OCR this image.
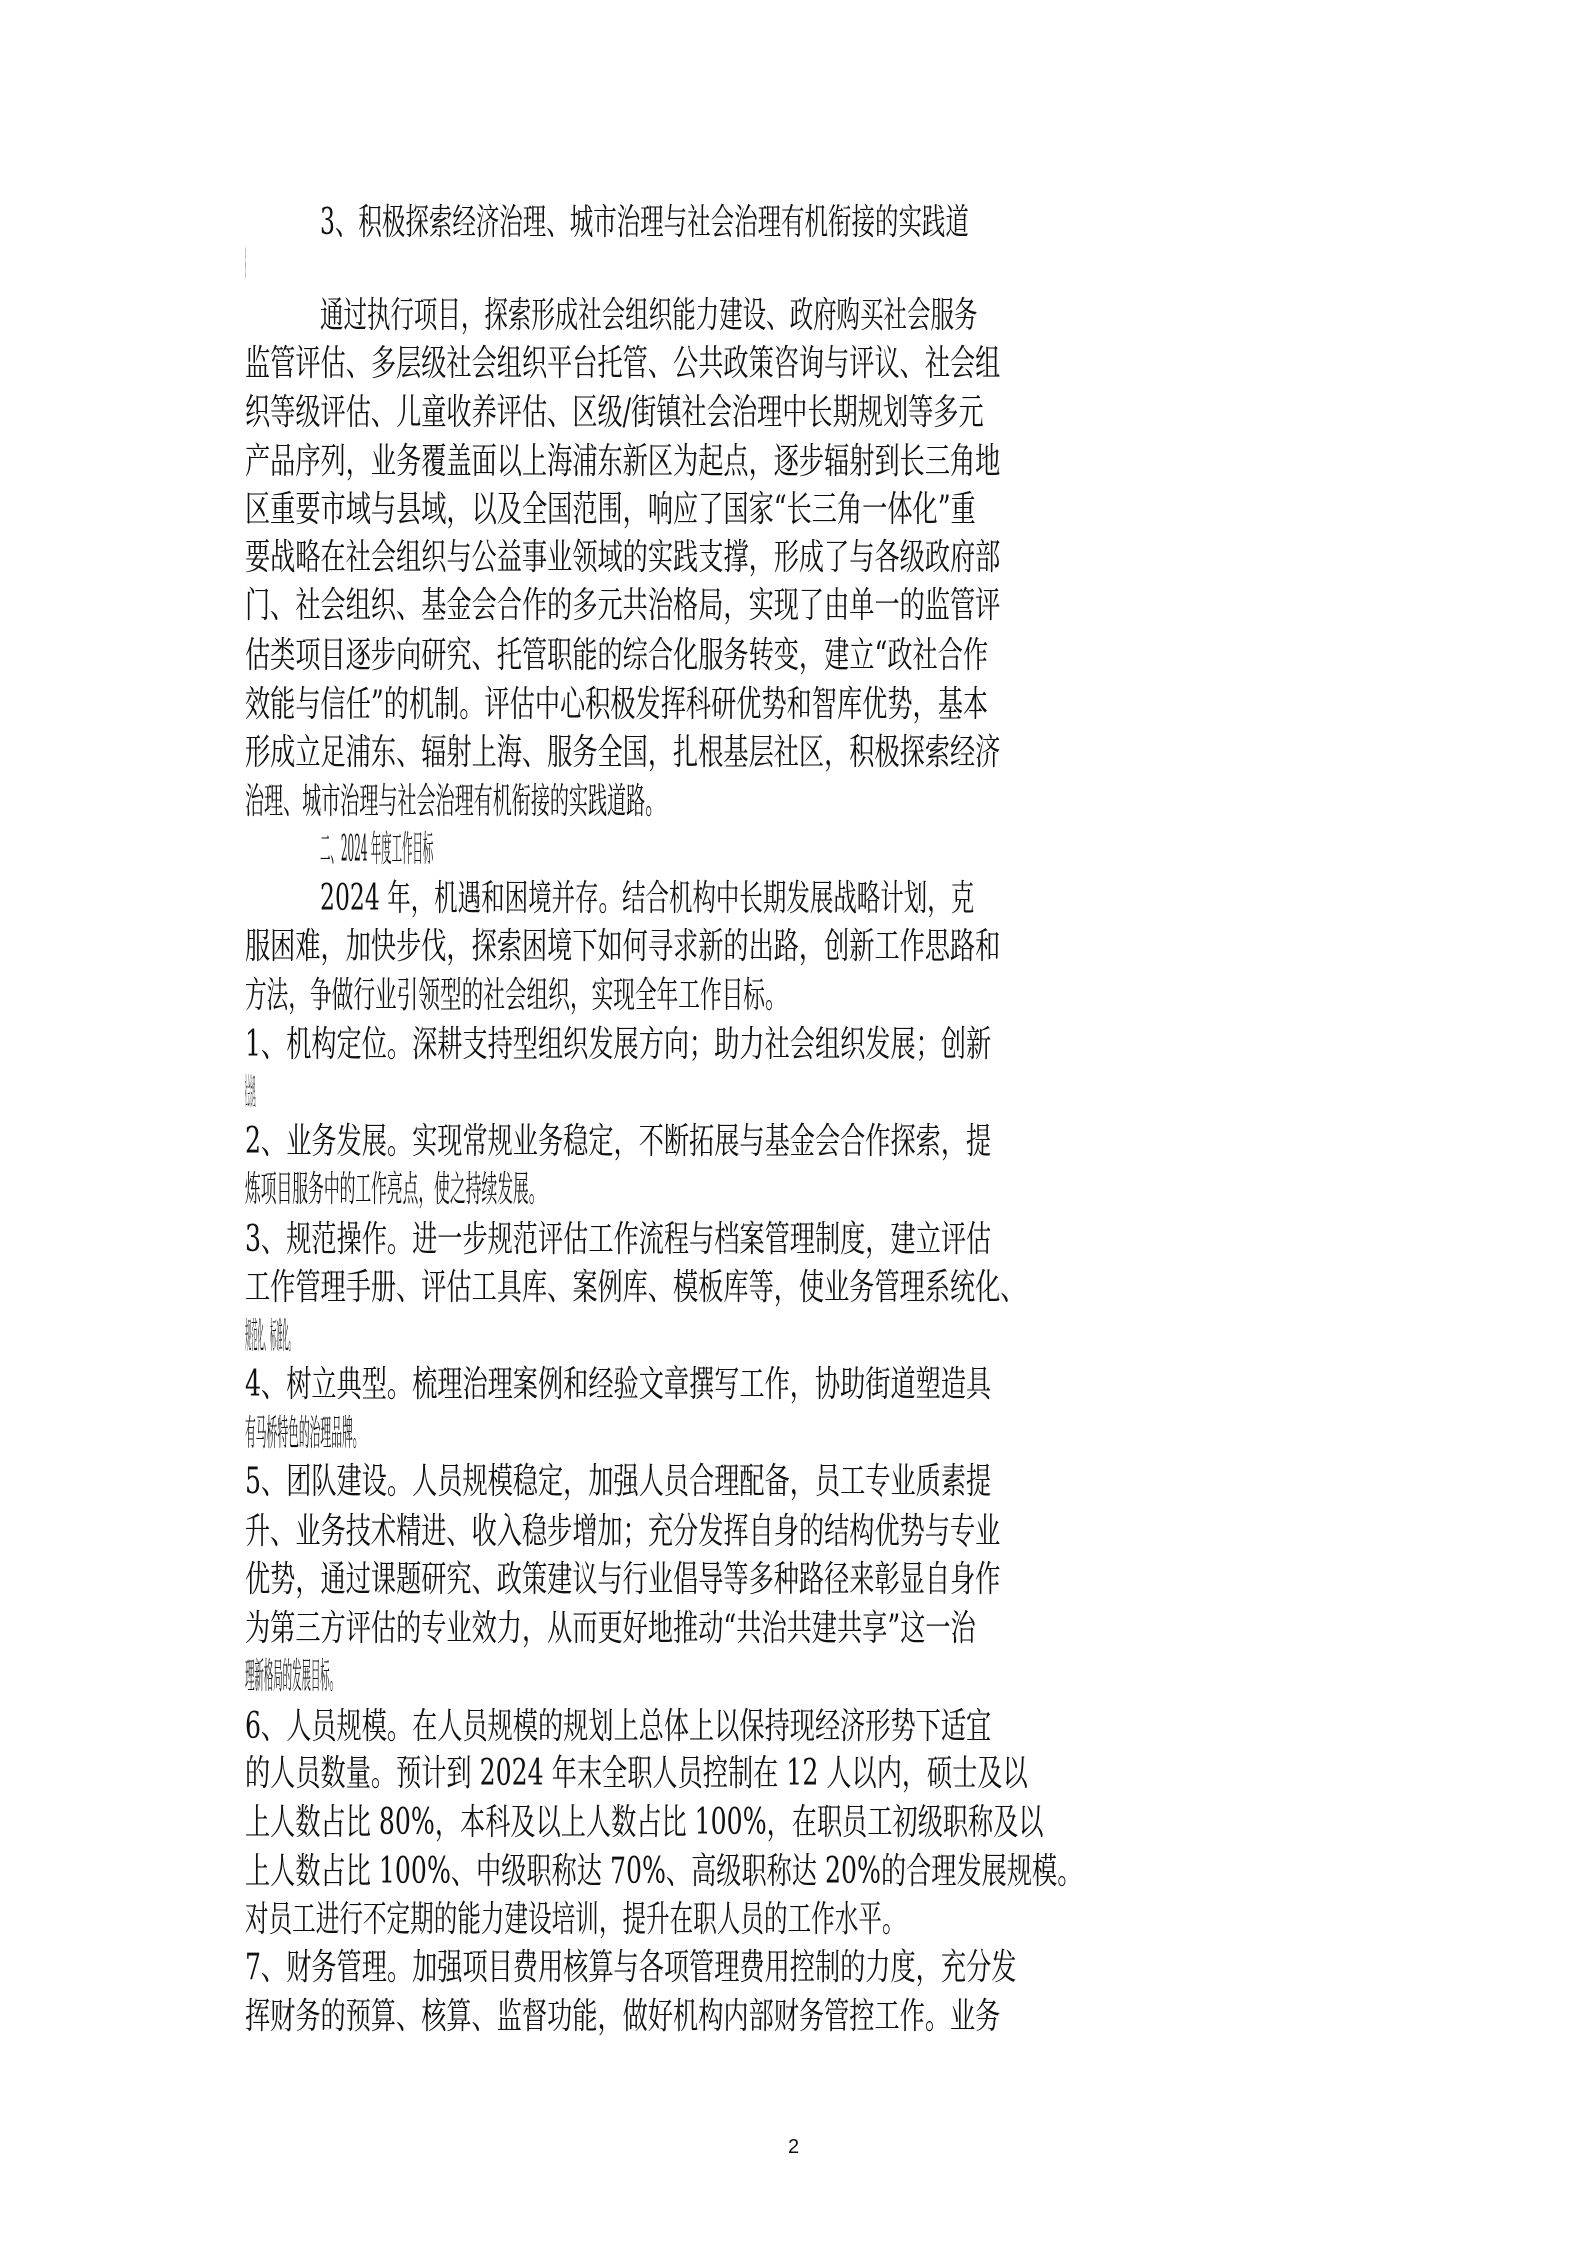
3、积极探索经济治理、城市治理与社会治理有机衔接的实践道
路
通过执行项目，探索形成社会组织能力建设、政府购买社会服务
监管评估、多层级社会组织平台托管、公共政策咨询与评议、社会组
织等级评估、儿童收养评估、区级/街镇社会治理中长期规划等多元
产品序列，业务覆盖面以上海浦东新区为起点，逐步辐射到长三角地
区重要市域与县域，以及全国范围，响应了国家“长三角一体化”重
要战略在社会组织与公益事业领域的实践支撑，形成了与各级政府部
门、社会组织、基金会合作的多元共治格局，实现了由单一的监管评
估类项目逐步向研究、托管职能的综合化服务转变，建立“政社合作
效能与信任”的机制。评估中心积极发挥科研优势和智库优势，基本
形成立足浦东、辐射上海、服务全国，扎根基层社区，积极探索经济
治理、城市治理与社会治理有机衔接的实践道路。
二、2024 年度工作目标
2024 年，机遇和困境并存。结合机构中长期发展战略计划，克
服困难，加快步伐，探索困境下如何寻求新的出路，创新工作思路和
方法，争做行业引领型的社会组织，实现全年工作目标。
1、机构定位。深耕支持型组织发展方向；助力社会组织发展；创新
社会治理。
2、业务发展。实现常规业务稳定，不断拓展与基金会合作探索，提
炼项目服务中的工作亮点，使之持续发展。
3、规范操作。进一步规范评估工作流程与档案管理制度，建立评估
工作管理手册、评估工具库、案例库、模板库等，使业务管理系统化、
规范化、标准化。
4、树立典型。梳理治理案例和经验文章撰写工作，协助街道塑造具
有马桥特色的治理品牌。
5、团队建设。人员规模稳定，加强人员合理配备，员工专业质素提
升、业务技术精进、收入稳步增加；充分发挥自身的结构优势与专业
优势，通过课题研究、政策建议与行业倡导等多种路径来彰显自身作
为第三方评估的专业效力，从而更好地推动“共治共建共享”这一治
理新格局的发展目标。
6、人员规模。在人员规模的规划上总体上以保持现经济形势下适宜
的人员数量。预计到 2024 年末全职人员控制在 12 人以内，硕士及以
上人数占比 80%，本科及以上人数占比 100%，在职员工初级职称及以
上人数占比 100%、中级职称达 70%、高级职称达 20%的合理发展规模。
对员工进行不定期的能力建设培训，提升在职人员的工作水平。
7、财务管理。加强项目费用核算与各项管理费用控制的力度，充分发
挥财务的预算、核算、监督功能，做好机构内部财务管控工作。业务
2
